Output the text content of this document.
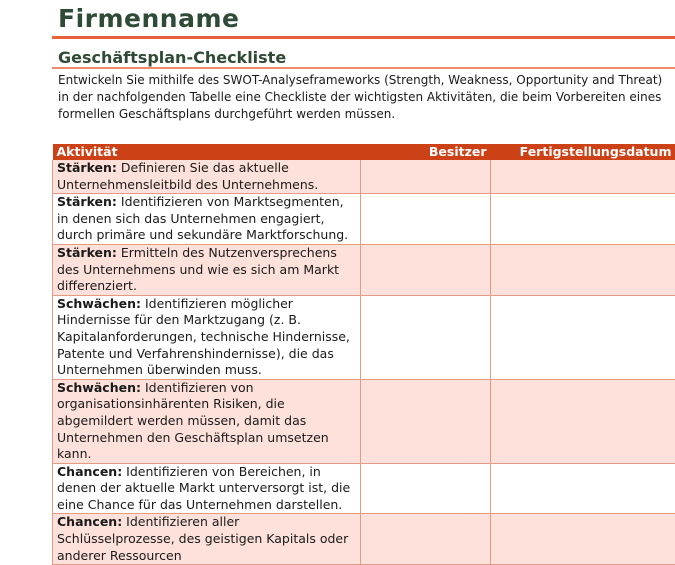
Firmenname
Geschäftsplan-Checkliste
Entwickeln Sie mithilfe des SWOT-Analyseframeworks (Strength, Weakness, Opportunity and Threat) in der nachfolgenden Tabelle eine Checkliste der wichtigsten Aktivitäten, die beim Vorbereiten eines formellen Geschäftsplans durchgeführt werden müssen.
Aktivität	Besitzer	Fertigstellungsdatum
Stärken: Definieren Sie das aktuelle Unternehmensleitbild des Unternehmens.		
Stärken: Identifizieren von Marktsegmenten, in denen sich das Unternehmen engagiert, durch primäre und sekundäre Marktforschung.		
Stärken: Ermitteln des Nutzenversprechens des Unternehmens und wie es sich am Markt differenziert.		
Schwächen: Identifizieren möglicher Hindernisse für den Marktzugang (z. B. Kapitalanforderungen, technische Hindernisse, Patente und Verfahrenshindernisse), die das Unternehmen überwinden muss.		
Schwächen: Identifizieren von organisationsinhärenten Risiken, die abgemildert werden müssen, damit das Unternehmen den Geschäftsplan umsetzen kann.		
Chancen: Identifizieren von Bereichen, in denen der aktuelle Markt unterversorgt ist, die eine Chance für das Unternehmen darstellen.		
Chancen: Identifizieren aller Schlüsselprozesse, des geistigen Kapitals oder anderer Ressourcen		
